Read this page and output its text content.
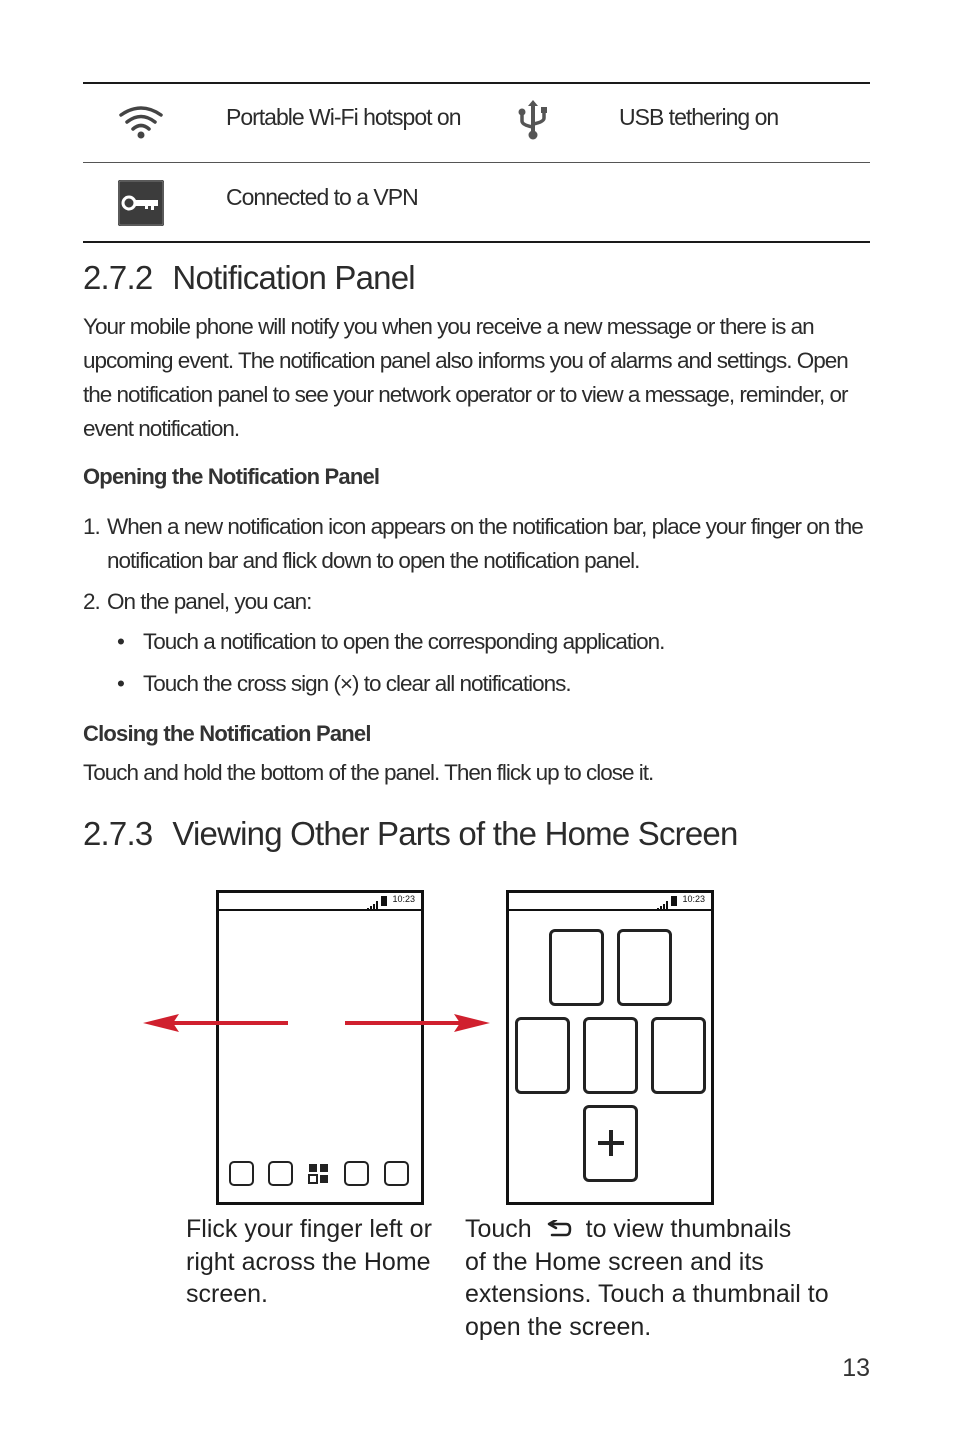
Portable Wi-Fi hotspot on	USB tethering on
Connected to a VPN
2.7.2 Notification Panel

Your mobile phone will notify you when you receive a new message or there is an upcoming event. The notification panel also informs you of alarms and settings. Open the notification panel to see your network operator or to view a message, reminder, or event notification.

Opening the Notification Panel
1. When a new notification icon appears on the notification bar, place your finger on the notification bar and flick down to open the notification panel.
2. On the panel, you can:
• Touch a notification to open the corresponding application.
• Touch the cross sign (×) to clear all notifications.
Closing the Notification Panel

Touch and hold the bottom of the panel. Then flick up to close it.

2.7.3 Viewing Other Parts of the Home Screen
10:23	10:23
Flick your finger left or right across the Home screen.
Touch to view thumbnails
of the Home screen and its extensions. Touch a thumbnail to open the screen.
13
